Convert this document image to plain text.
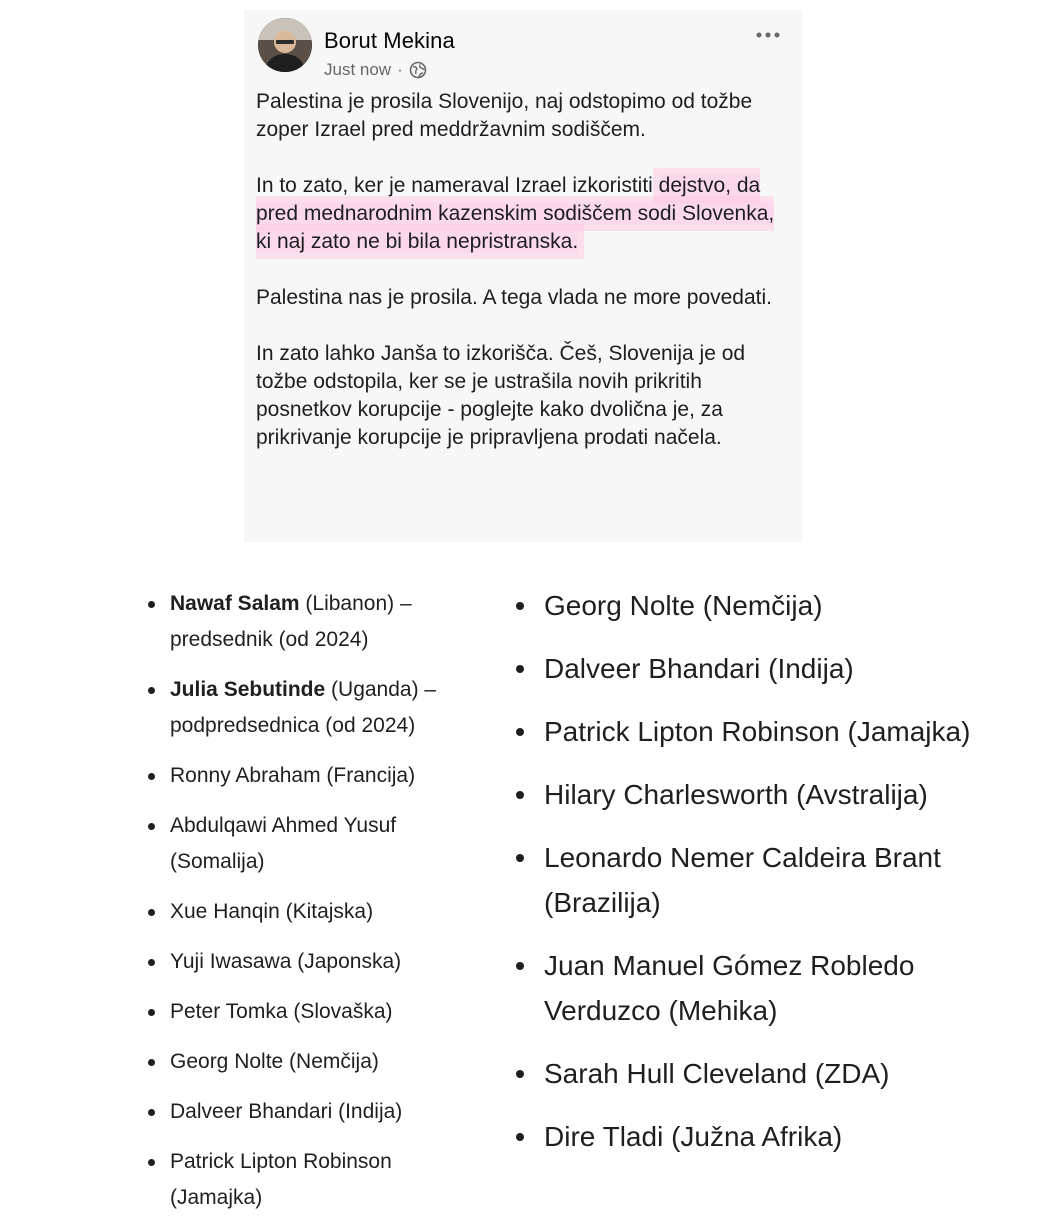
Borut Mekina
Just now ·

Palestina je prosila Slovenijo, naj odstopimo od tožbe zoper Izrael pred meddržavnim sodiščem.

In to zato, ker je nameraval Izrael izkoristiti dejstvo, da pred mednarodnim kazenskim sodiščem sodi Slovenka, ki naj zato ne bi bila nepristranska.

Palestina nas je prosila. A tega vlada ne more povedati.

In zato lahko Janša to izkorišča. Češ, Slovenija je od tožbe odstopila, ker se je ustrašila novih prikritih posnetkov korupcije - poglejte kako dvolična je, za prikrivanje korupcije je pripravljena prodati načela.

Nawaf Salam (Libanon) – predsednik (od 2024)
Julia Sebutinde (Uganda) – podpredsednica (od 2024)
Ronny Abraham (Francija)
Abdulqawi Ahmed Yusuf (Somalija)
Xue Hanqin (Kitajska)
Yuji Iwasawa (Japonska)
Peter Tomka (Slovaška)
Georg Nolte (Nemčija)
Dalveer Bhandari (Indija)
Patrick Lipton Robinson (Jamajka)
Georg Nolte (Nemčija)
Dalveer Bhandari (Indija)
Patrick Lipton Robinson (Jamajka)
Hilary Charlesworth (Avstralija)
Leonardo Nemer Caldeira Brant (Brazilija)
Juan Manuel Gómez Robledo Verduzco (Mehika)
Sarah Hull Cleveland (ZDA)
Dire Tladi (Južna Afrika)
